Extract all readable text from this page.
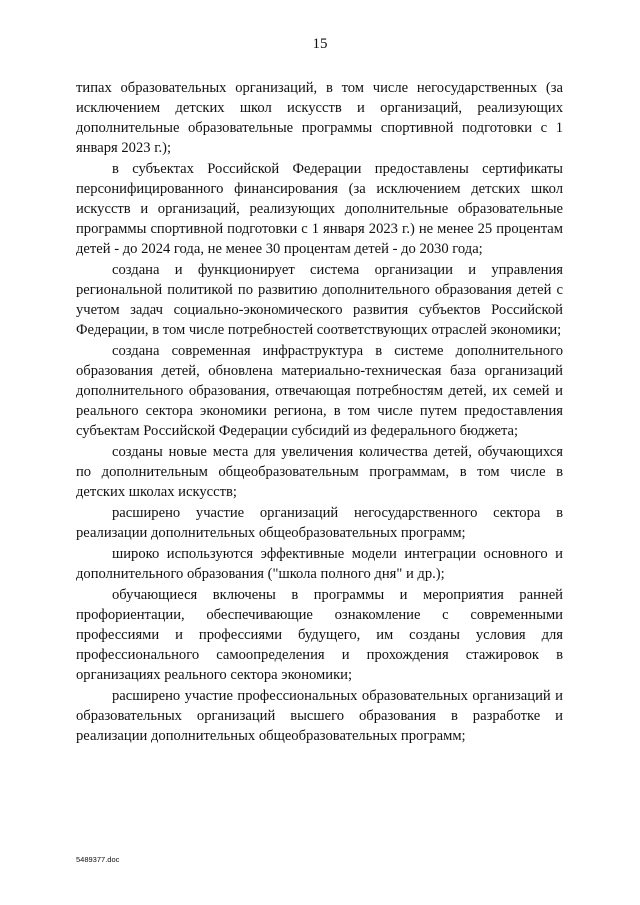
15

типах образовательных организаций, в том числе негосударственных (за исключением детских школ искусств и организаций, реализующих дополнительные образовательные программы спортивной подготовки с 1 января 2023 г.);

в субъектах Российской Федерации предоставлены сертификаты персонифицированного финансирования (за исключением детских школ искусств и организаций, реализующих дополнительные образовательные программы спортивной подготовки с 1 января 2023 г.) не менее 25 процентам детей - до 2024 года, не менее 30 процентам детей - до 2030 года;

создана и функционирует система организации и управления региональной политикой по развитию дополнительного образования детей с учетом задач социально-экономического развития субъектов Российской Федерации, в том числе потребностей соответствующих отраслей экономики;

создана современная инфраструктура в системе дополнительного образования детей, обновлена материально-техническая база организаций дополнительного образования, отвечающая потребностям детей, их семей и реального сектора экономики региона, в том числе путем предоставления субъектам Российской Федерации субсидий из федерального бюджета;

созданы новые места для увеличения количества детей, обучающихся по дополнительным общеобразовательным программам, в том числе в детских школах искусств;

расширено участие организаций негосударственного сектора в реализации дополнительных общеобразовательных программ;

широко используются эффективные модели интеграции основного и дополнительного образования ("школа полного дня" и др.);

обучающиеся включены в программы и мероприятия ранней профориентации, обеспечивающие ознакомление с современными профессиями и профессиями будущего, им созданы условия для профессионального самоопределения и прохождения стажировок в организациях реального сектора экономики;

расширено участие профессиональных образовательных организаций и образовательных организаций высшего образования в разработке и реализации дополнительных общеобразовательных программ;

5489377.doc
